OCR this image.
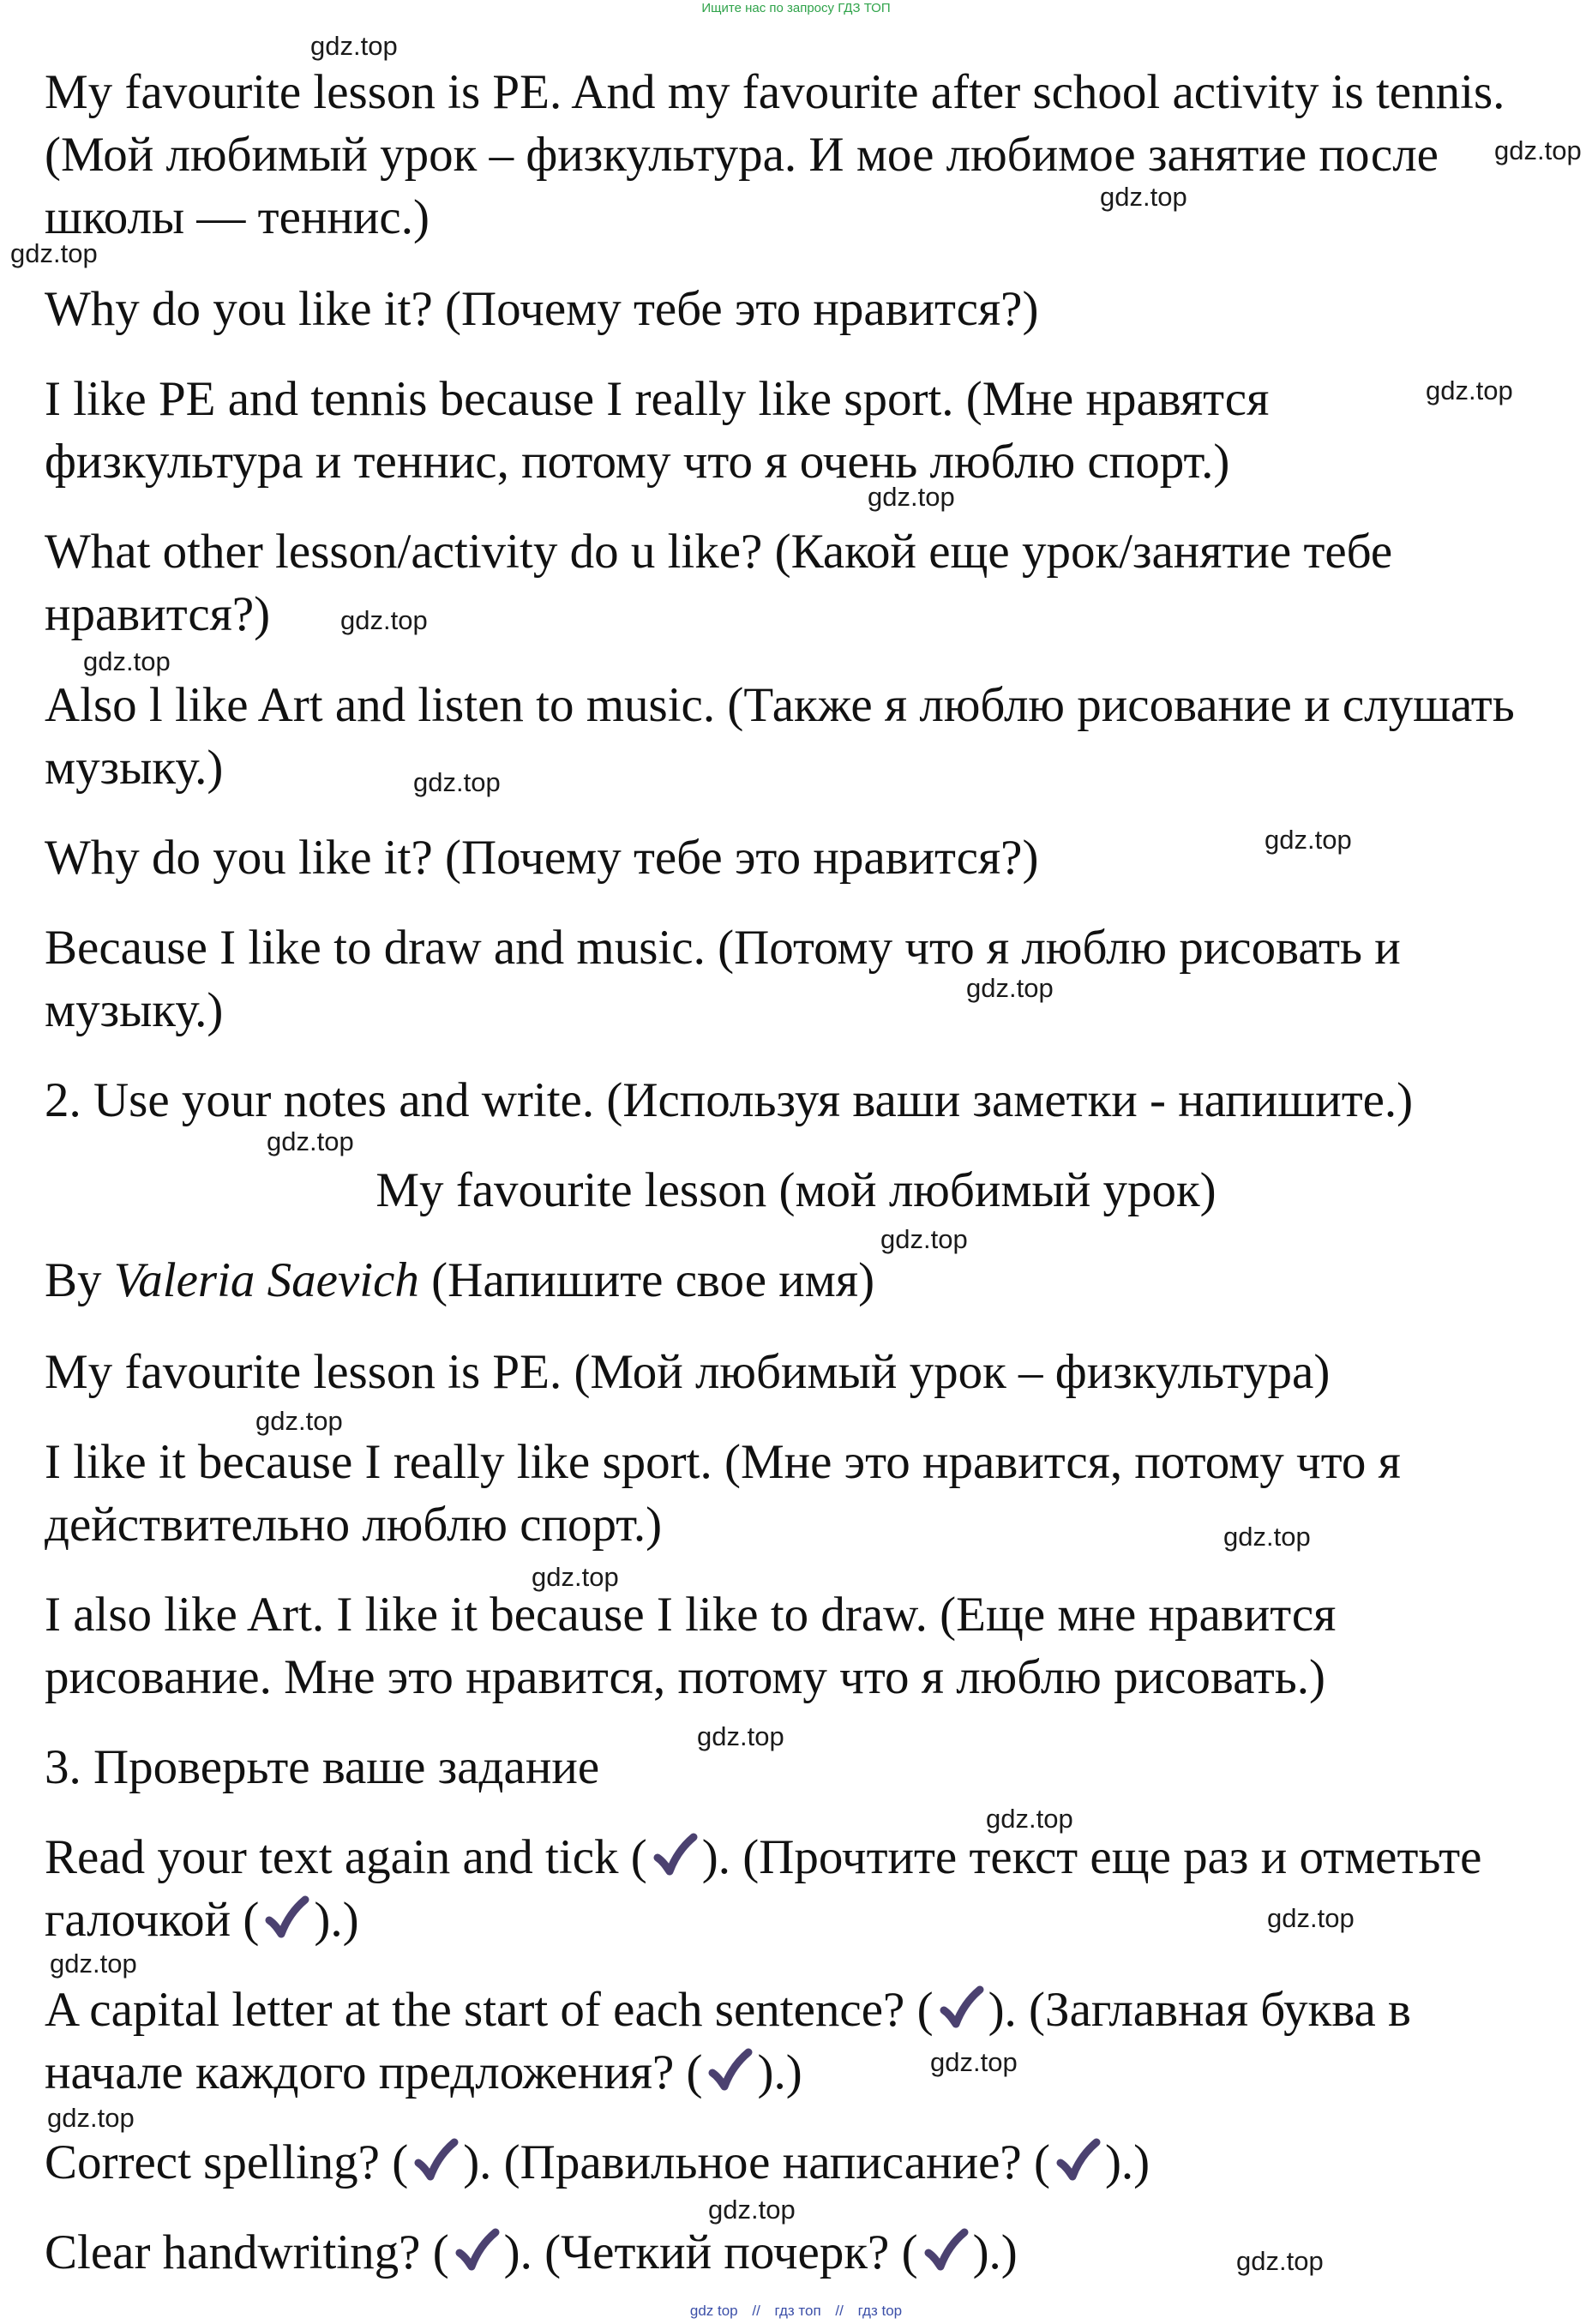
Ищите нас по запросу ГДЗ ТОП
gdz.top
gdz.top
gdz.top
gdz.top
gdz.top
gdz.top
gdz.top
gdz.top
gdz.top
gdz.top
gdz.top
gdz.top
gdz.top
gdz.top
gdz.top
gdz.top
gdz.top
gdz.top
gdz.top
gdz.top
gdz.top
gdz.top
gdz.top
gdz.top
My favourite lesson is PE. And my favourite after school activity is tennis.
(Мой любимый урок – физкультура. И мое любимое занятие после
школы — теннис.)
Why do you like it? (Почему тебе это нравится?)
I like PE and tennis because I really like sport. (Мне нравятся
физкультура и теннис, потому что я очень люблю спорт.)
What other lesson/activity do u like? (Какой еще урок/занятие тебе
нравится?)
Also l like Art and listen to music. (Также я люблю рисование и слушать
музыку.)
Why do you like it? (Почему тебе это нравится?)
Because I like to draw and music. (Потому что я люблю рисовать и
музыку.)
2. Use your notes and write. (Используя ваши заметки - напишите.)
My favourite lesson (мой любимый урок)
By Valeria Saevich (Напишите свое имя)
My favourite lesson is PE. (Мой любимый урок – физкультура)
I like it because I really like sport. (Мне это нравится, потому что я
действительно люблю спорт.)
I also like Art. I like it because I like to draw. (Еще мне нравится
рисование. Мне это нравится, потому что я люблю рисовать.)
3. Проверьте ваше задание
Read your text again and tick ( ). (Прочтите текст еще раз и отметьте
галочкой ( ).)
A capital letter at the start of each sentence? ( ). (Заглавная буква в
начале каждого предложения? ( ).)
Correct spelling? ( ). (Правильное написание? ( ).)
Clear handwriting? ( ). (Четкий почерк? ( ).)
gdz top // гдз топ // гдз top
